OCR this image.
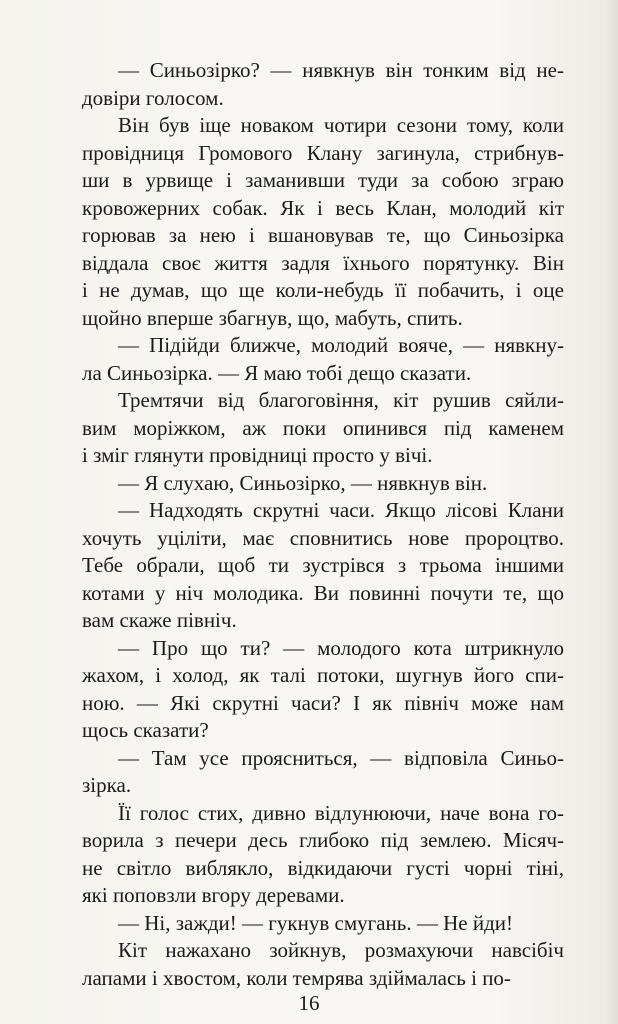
— Синьозірко? — нявкнув він тонким від не-
довіри голосом.
Він був іще новаком чотири сезони тому, коли
провідниця Громового Клану загинула, стрибнув-
ши в урвище і заманивши туди за собою зграю
кровожерних собак. Як і весь Клан, молодий кіт
горював за нею і вшановував те, що Синьозірка
віддала своє життя задля їхнього порятунку. Він
і не думав, що ще коли-небудь її побачить, і оце
щойно вперше збагнув, що, мабуть, спить.
— Підійди ближче, молодий вояче, — нявкну-
ла Синьозірка. — Я маю тобі дещо сказати.
Тремтячи від благоговіння, кіт рушив сяйли-
вим моріжком, аж поки опинився під каменем
і зміг глянути провідниці просто у вічі.
— Я слухаю, Синьозірко, — нявкнув він.
— Надходять скрутні часи. Якщо лісові Клани
хочуть уціліти, має сповнитись нове пророцтво.
Тебе обрали, щоб ти зустрівся з трьома іншими
котами у ніч молодика. Ви повинні почути те, що
вам скаже північ.
— Про що ти? — молодого кота штрикнуло
жахом, і холод, як талі потоки, шугнув його спи-
ною. — Які скрутні часи? І як північ може нам
щось сказати?
— Там усе проясниться, — відповіла Синьо-
зірка.
Її голос стих, дивно відлунюючи, наче вона го-
ворила з печери десь глибоко під землею. Місяч-
не світло виблякло, відкидаючи густі чорні тіні,
які поповзли вгору деревами.
— Ні, зажди! — гукнув смугань. — Не йди!
Кіт нажахано зойкнув, розмахуючи навсібіч
лапами і хвостом, коли темрява здіймалась і по-
16
